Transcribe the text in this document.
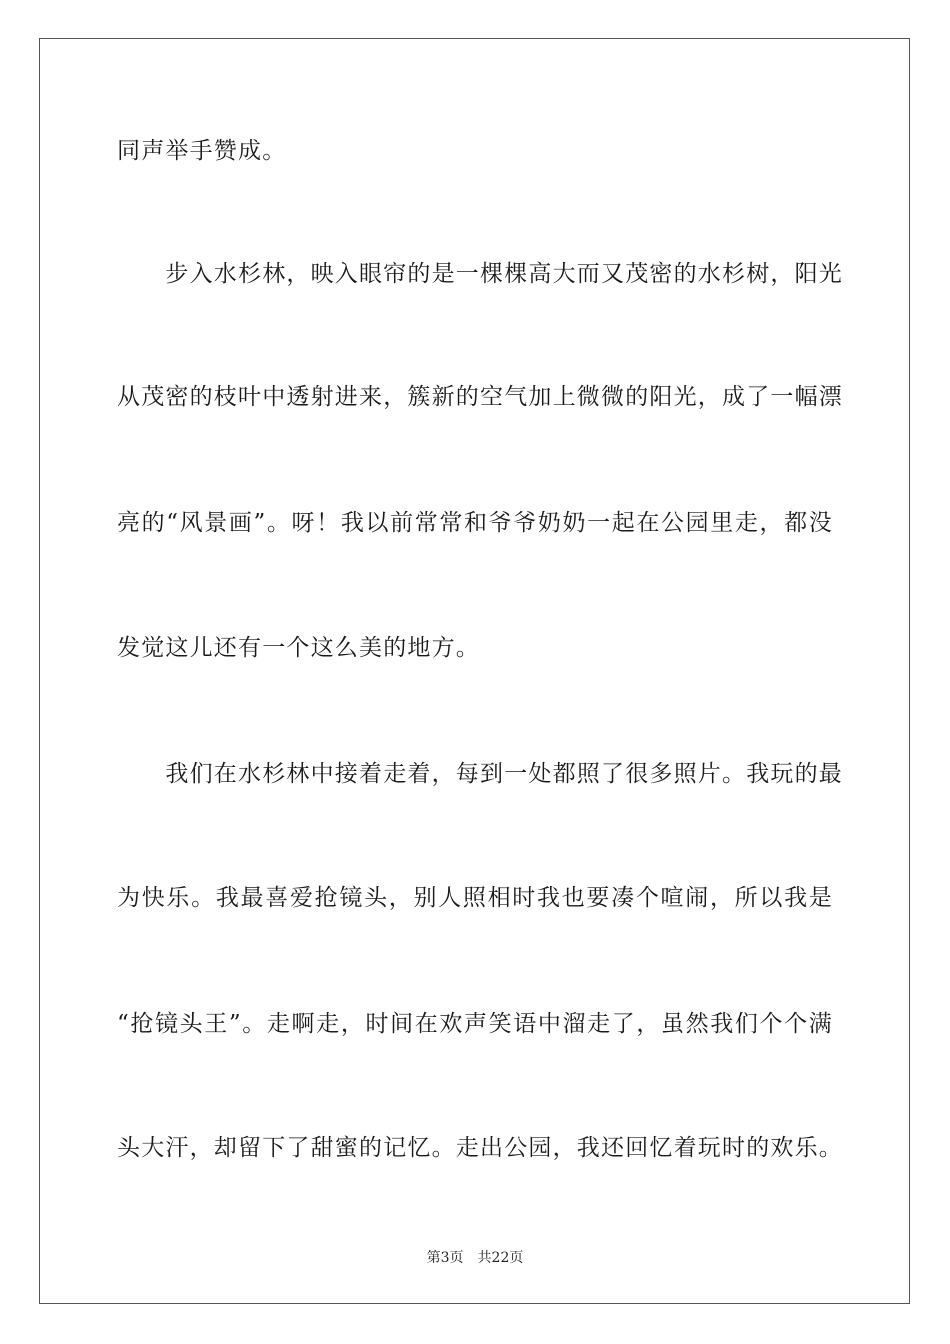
同声举手赞成。
　　步入水杉林，映入眼帘的是一棵棵高大而又茂密的水杉树，阳光
从茂密的枝叶中透射进来，簇新的空气加上微微的阳光，成了一幅漂
亮的“风景画”。呀！我以前常常和爷爷奶奶一起在公园里走，都没
发觉这儿还有一个这么美的地方。
　　我们在水杉林中接着走着，每到一处都照了很多照片。我玩的最
为快乐。我最喜爱抢镜头，别人照相时我也要凑个喧闹，所以我是
“抢镜头王”。走啊走，时间在欢声笑语中溜走了，虽然我们个个满
头大汗，却留下了甜蜜的记忆。走出公园，我还回忆着玩时的欢乐。
第3页　共22页
